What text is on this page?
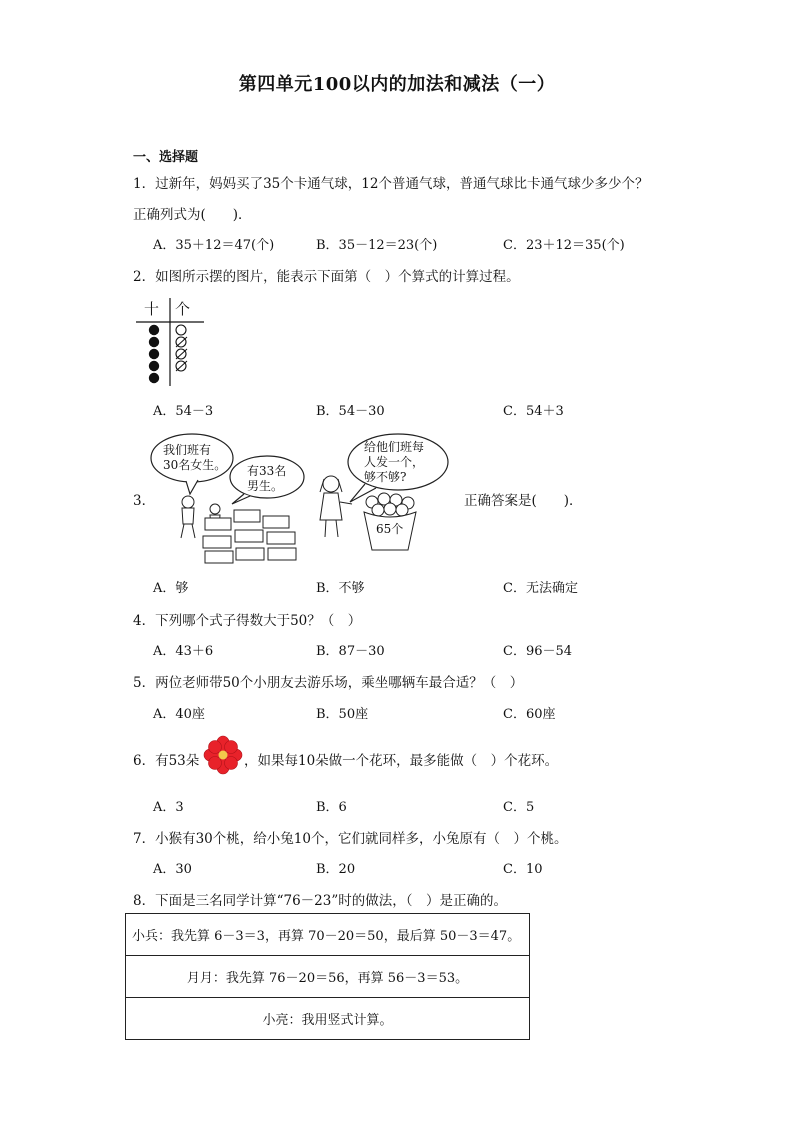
第四单元100以内的加法和减法（一）
一、选择题
1．过新年，妈妈买了35个卡通气球，12个普通气球，普通气球比卡通气球少多少个？
正确列式为(　　)．
A．35＋12＝47(个)	B．35－12＝23(个)	C．23＋12＝35(个)
2．如图所示摆的图片，能表示下面第（　）个算式的计算过程。
十 个
A．54－3	B．54－30	C．54＋3
3．
我们班有
30名女生。 有33名
男生。
给他们班每
人发一个，
够不够?
65个
正确答案是(　　)．
A．够	B．不够	C．无法确定
4．下列哪个式子得数大于50？（　）
A．43＋6	B．87－30	C．96－54
5．两位老师带50个小朋友去游乐场，乘坐哪辆车最合适？（　）
A．40座	B．50座	C．60座
6．有53朵	，如果每10朵做一个花环，最多能做（　）个花环。
A．3	B．6	C．5
7．小猴有30个桃，给小兔10个，它们就同样多，小兔原有（　）个桃。
A．30	B．20	C．10
8．下面是三名同学计算“76－23”时的做法，（　）是正确的。
小兵：我先算 6－3＝3，再算 70－20＝50，最后算 50－3＝47。
月月：我先算 76－20＝56，再算 56－3＝53。
小亮：我用竖式计算。
